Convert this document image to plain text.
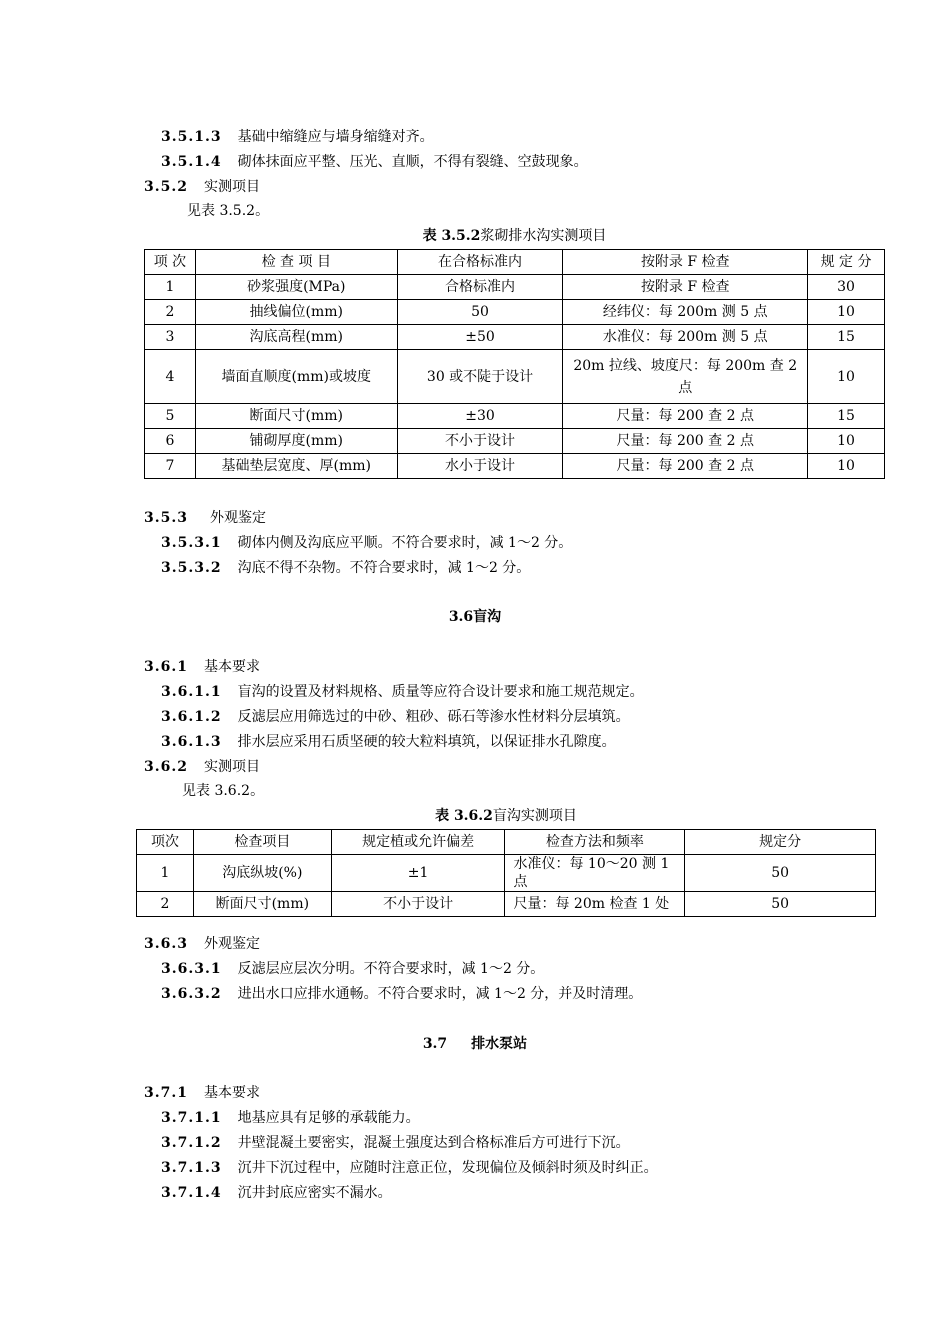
3.5.1.3 基础中缩缝应与墙身缩缝对齐。
3.5.1.4 砌体抹面应平整、压光、直顺，不得有裂缝、空鼓现象。
3.5.2 实测项目
见表 3.5.2。
表 3.5.2浆砌排水沟实测项目
项 次	检 查 项 目	在合格标准内	按附录 F 检查	规 定 分
1	砂浆强度(MPa)	合格标准内	按附录 F 检查	30
2	抽线偏位(mm)	50	经纬仪：每 200m 测 5 点	10
3	沟底高程(mm)	±50	水准仪：每 200m 测 5 点	15
4	墙面直顺度(mm)或坡度	30 或不陡于设计	20m 拉线、坡度尺：每 200m 查 2 点	10
5	断面尺寸(mm)	±30	尺量：每 200 查 2 点	15
6	铺砌厚度(mm)	不小于设计	尺量：每 200 查 2 点	10
7	基础垫层宽度、厚(mm)	水小于设计	尺量：每 200 查 2 点	10
3.5.3 外观鉴定
3.5.3.1 砌体内侧及沟底应平顺。不符合要求时，减 1～2 分。
3.5.3.2 沟底不得不杂物。不符合要求时，减 1～2 分。
3.6盲沟
3.6.1 基本要求
3.6.1.1 盲沟的设置及材料规格、质量等应符合设计要求和施工规范规定。
3.6.1.2 反滤层应用筛选过的中砂、粗砂、砾石等渗水性材料分层填筑。
3.6.1.3 排水层应采用石质坚硬的较大粒料填筑，以保证排水孔隙度。
3.6.2 实测项目
见表 3.6.2。
表 3.6.2盲沟实测项目
项次	检查项目	规定植或允许偏差	检查方法和频率	规定分
1	沟底纵坡(%)	±1	水准仪：每 10～20 测 1 点	50
2	断面尺寸(mm)	不小于设计	尺量：每 20m 检查 1 处	50
3.6.3 外观鉴定
3.6.3.1 反滤层应层次分明。不符合要求时，减 1～2 分。
3.6.3.2 进出水口应排水通畅。不符合要求时，减 1～2 分，并及时清理。
3.7 排水泵站
3.7.1 基本要求
3.7.1.1 地基应具有足够的承载能力。
3.7.1.2 井壁混凝土要密实，混凝土强度达到合格标准后方可进行下沉。
3.7.1.3 沉井下沉过程中，应随时注意正位，发现偏位及倾斜时须及时纠正。
3.7.1.4 沉井封底应密实不漏水。
